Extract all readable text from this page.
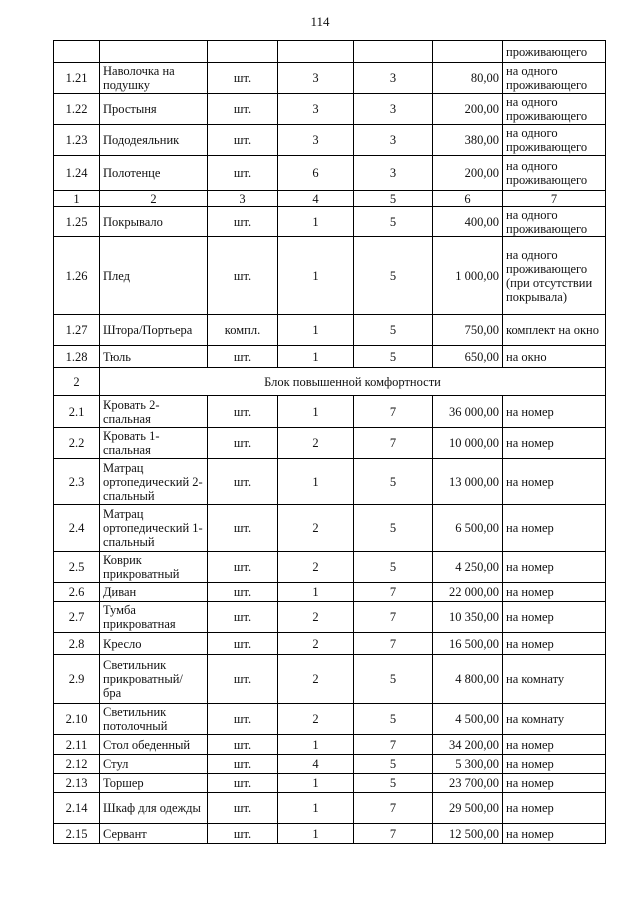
114
						проживающего
1.21	Наволочка на подушку	шт.	3	3	80,00	на одного проживающего
1.22	Простыня	шт.	3	3	200,00	на одного проживающего
1.23	Пододеяльник	шт.	3	3	380,00	на одного проживающего
1.24	Полотенце	шт.	6	3	200,00	на одного проживающего
1	2	3	4	5	6	7
1.25	Покрывало	шт.	1	5	400,00	на одного проживающего
1.26	Плед	шт.	1	5	1 000,00	на одного проживающего (при отсутствии покрывала)
1.27	Штора/Портьера	компл.	1	5	750,00	комплект на окно
1.28	Тюль	шт.	1	5	650,00	на окно
2	Блок повышенной комфортности					
2.1	Кровать 2-спальная	шт.	1	7	36 000,00	на номер
2.2	Кровать 1-спальная	шт.	2	7	10 000,00	на номер
2.3	Матрац ортопедический 2-спальный	шт.	1	5	13 000,00	на номер
2.4	Матрац ортопедический 1-спальный	шт.	2	5	6 500,00	на номер
2.5	Коврик прикроватный	шт.	2	5	4 250,00	на номер
2.6	Диван	шт.	1	7	22 000,00	на номер
2.7	Тумба прикроватная	шт.	2	7	10 350,00	на номер
2.8	Кресло	шт.	2	7	16 500,00	на номер
2.9	Светильник прикроватный/ бра	шт.	2	5	4 800,00	на комнату
2.10	Светильник потолочный	шт.	2	5	4 500,00	на комнату
2.11	Стол обеденный	шт.	1	7	34 200,00	на номер
2.12	Стул	шт.	4	5	5 300,00	на номер
2.13	Торшер	шт.	1	5	23 700,00	на номер
2.14	Шкаф для одежды	шт.	1	7	29 500,00	на номер
2.15	Сервант	шт.	1	7	12 500,00	на номер
